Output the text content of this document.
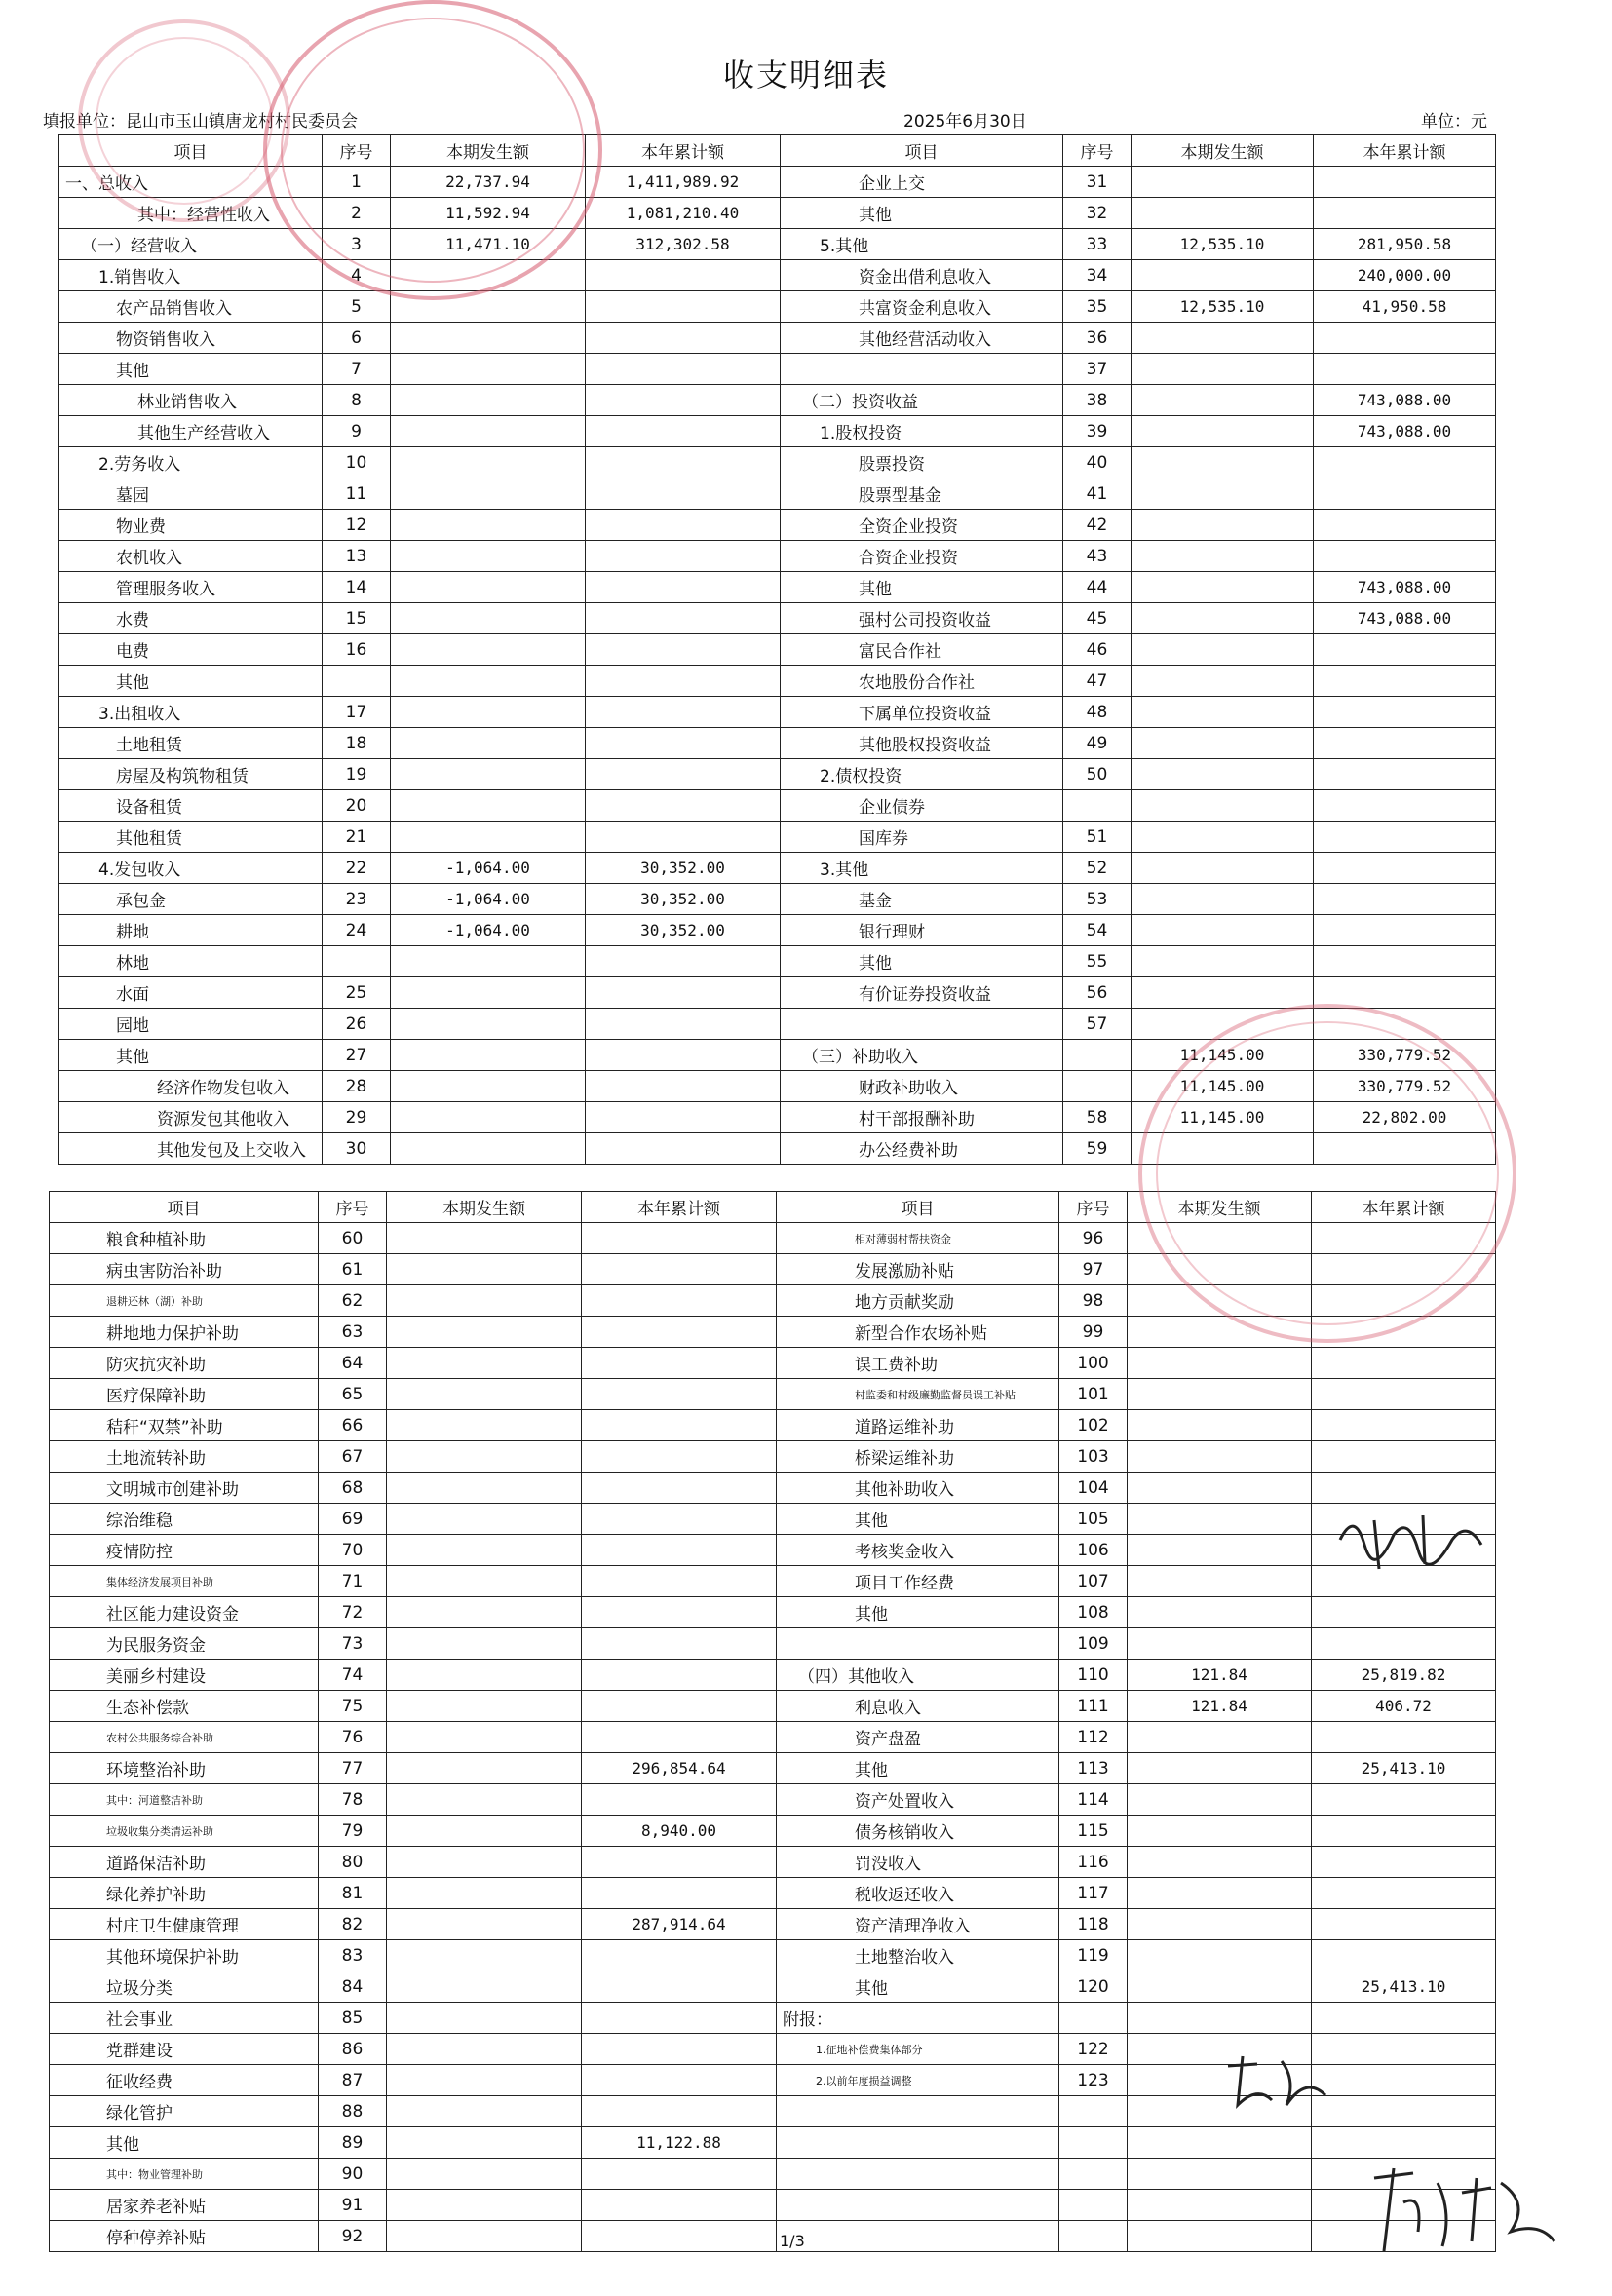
收支明细表
填报单位：昆山市玉山镇唐龙村村民委员会	2025年6月30日	单位：元
项目	序号	本期发生额	本年累计额	项目	序号	本期发生额	本年累计额
一、总收入	1	22,737.94	1,411,989.92	企业上交	31		
其中：经营性收入	2	11,592.94	1,081,210.40	其他	32		
（一）经营收入	3	11,471.10	312,302.58	5.其他	33	12,535.10	281,950.58
1.销售收入	4			资金出借利息收入	34		240,000.00
农产品销售收入	5			共富资金利息收入	35	12,535.10	41,950.58
物资销售收入	6			其他经营活动收入	36		
其他	7				37		
林业销售收入	8			（二）投资收益	38		743,088.00
其他生产经营收入	9			1.股权投资	39		743,088.00
2.劳务收入	10			股票投资	40		
墓园	11			股票型基金	41		
物业费	12			全资企业投资	42		
农机收入	13			合资企业投资	43		
管理服务收入	14			其他	44		743,088.00
水费	15			强村公司投资收益	45		743,088.00
电费	16			富民合作社	46		
其他				农地股份合作社	47		
3.出租收入	17			下属单位投资收益	48		
土地租赁	18			其他股权投资收益	49		
房屋及构筑物租赁	19			2.债权投资	50		
设备租赁	20			企业债券			
其他租赁	21			国库券	51		
4.发包收入	22	-1,064.00	30,352.00	3.其他	52		
承包金	23	-1,064.00	30,352.00	基金	53		
耕地	24	-1,064.00	30,352.00	银行理财	54		
林地				其他	55		
水面	25			有价证券投资收益	56		
园地	26				57		
其他	27			（三）补助收入		11,145.00	330,779.52
经济作物发包收入	28			财政补助收入		11,145.00	330,779.52
资源发包其他收入	29			村干部报酬补助	58	11,145.00	22,802.00
其他发包及上交收入	30			办公经费补助	59		
项目	序号	本期发生额	本年累计额	项目	序号	本期发生额	本年累计额
粮食种植补助	60			相对薄弱村帮扶资金	96		
病虫害防治补助	61			发展激励补贴	97		
退耕还林（湖）补助	62			地方贡献奖励	98		
耕地地力保护补助	63			新型合作农场补贴	99		
防灾抗灾补助	64			误工费补助	100		
医疗保障补助	65			村监委和村级廉勤监督员误工补贴	101		
秸秆“双禁”补助	66			道路运维补助	102		
土地流转补助	67			桥梁运维补助	103		
文明城市创建补助	68			其他补助收入	104		
综治维稳	69			其他	105		
疫情防控	70			考核奖金收入	106		
集体经济发展项目补助	71			项目工作经费	107		
社区能力建设资金	72			其他	108		
为民服务资金	73				109		
美丽乡村建设	74			（四）其他收入	110	121.84	25,819.82
生态补偿款	75			利息收入	111	121.84	406.72
农村公共服务综合补助	76			资产盘盈	112		
环境整治补助	77		296,854.64	其他	113		25,413.10
其中：河道整洁补助	78			资产处置收入	114		
垃圾收集分类清运补助	79		8,940.00	债务核销收入	115		
道路保洁补助	80			罚没收入	116		
绿化养护补助	81			税收返还收入	117		
村庄卫生健康管理	82		287,914.64	资产清理净收入	118		
其他环境保护补助	83			土地整治收入	119		
垃圾分类	84			其他	120		25,413.10
社会事业	85			附报：			
党群建设	86			1.征地补偿费集体部分	122		
征收经费	87			2.以前年度损益调整	123		
绿化管护	88						
其他	89		11,122.88				
其中：物业管理补助	90						
居家养老补贴	91						
停种停养补贴	92							1/3
